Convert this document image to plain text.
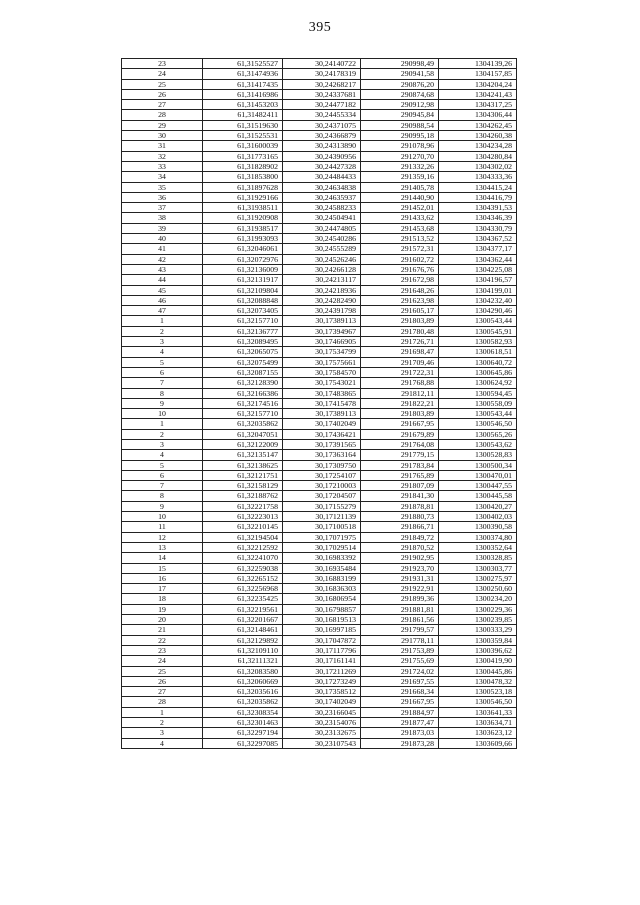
395
23	61,31525527	30,24140722	290998,49	1304139,26
24	61,31474936	30,24178319	290941,58	1304157,85
25	61,31417435	30,24268217	290876,20	1304204,24
26	61,31416986	30,24337681	290874,68	1304241,43
27	61,31453203	30,24477182	290912,98	1304317,25
28	61,31482411	30,24455334	290945,84	1304306,44
29	61,31519630	30,24371075	290988,54	1304262,45
30	61,31525531	30,24366879	290995,18	1304260,38
31	61,31600039	30,24313890	291078,96	1304234,28
32	61,31773165	30,24390956	291270,70	1304280,84
33	61,31828902	30,24427328	291332,26	1304302,02
34	61,31853800	30,24484433	291359,16	1304333,36
35	61,31897628	30,24634838	291405,78	1304415,24
36	61,31929166	30,24635937	291440,90	1304416,79
37	61,31938511	30,24588233	291452,01	1304391,53
38	61,31920908	30,24504941	291433,62	1304346,39
39	61,31938517	30,24474805	291453,68	1304330,79
40	61,31993093	30,24540286	291513,52	1304367,52
41	61,32046061	30,24555289	291572,31	1304377,17
42	61,32072976	30,24526246	291602,72	1304362,44
43	61,32136009	30,24266128	291676,76	1304225,08
44	61,32131917	30,24213117	291672,98	1304196,57
45	61,32109804	30,24218936	291648,26	1304199,01
46	61,32088848	30,24282490	291623,98	1304232,40
47	61,32073405	30,24391798	291605,17	1304290,46
1	61,32157710	30,17389113	291803,89	1300543,44
2	61,32136777	30,17394967	291780,48	1300545,91
3	61,32089495	30,17466905	291726,71	1300582,93
4	61,32065075	30,17534799	291698,47	1300618,51
5	61,32075499	30,17575661	291709,46	1300640,72
6	61,32087155	30,17584570	291722,31	1300645,86
7	61,32128390	30,17543021	291768,88	1300624,92
8	61,32166386	30,17483865	291812,11	1300594,45
9	61,32174516	30,17415478	291822,21	1300558,09
10	61,32157710	30,17389113	291803,89	1300543,44
1	61,32035862	30,17402049	291667,95	1300546,50
2	61,32047051	30,17436421	291679,89	1300565,26
3	61,32122009	30,17391565	291764,08	1300543,62
4	61,32135147	30,17363164	291779,15	1300528,83
5	61,32138625	30,17309750	291783,84	1300500,34
6	61,32121751	30,17254107	291765,89	1300470,01
7	61,32158129	30,17210003	291807,09	1300447,55
8	61,32188762	30,17204507	291841,30	1300445,58
9	61,32221758	30,17155279	291878,81	1300420,27
10	61,32223013	30,17121139	291880,73	1300402,03
11	61,32210145	30,17100518	291866,71	1300390,58
12	61,32194504	30,17071975	291849,72	1300374,80
13	61,32212592	30,17029514	291870,52	1300352,64
14	61,32241070	30,16983392	291902,95	1300328,85
15	61,32259038	30,16935484	291923,70	1300303,77
16	61,32265152	30,16883199	291931,31	1300275,97
17	61,32256968	30,16836303	291922,91	1300250,60
18	61,32235425	30,16806954	291899,36	1300234,20
19	61,32219561	30,16798857	291881,81	1300229,36
20	61,32201667	30,16819513	291861,56	1300239,85
21	61,32148461	30,16997185	291799,57	1300333,29
22	61,32129892	30,17047872	291778,11	1300359,84
23	61,32109110	30,17117796	291753,89	1300396,62
24	61,32111321	30,17161141	291755,69	1300419,90
25	61,32083580	30,17211269	291724,02	1300445,86
26	61,32060669	30,17273249	291697,55	1300478,32
27	61,32035616	30,17358512	291668,34	1300523,18
28	61,32035862	30,17402049	291667,95	1300546,50
1	61,32308354	30,23166045	291884,97	1303641,33
2	61,32301463	30,23154076	291877,47	1303634,71
3	61,32297194	30,23132675	291873,03	1303623,12
4	61,32297085	30,23107543	291873,28	1303609,66
